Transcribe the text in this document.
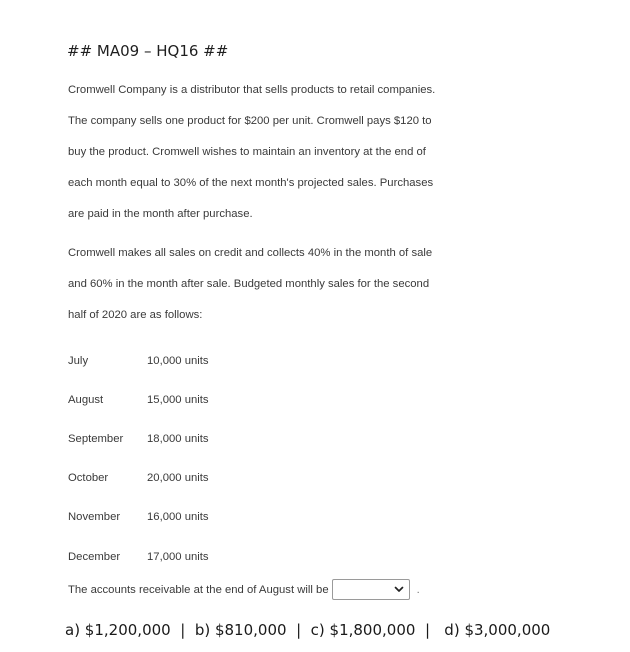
## MA09 – HQ16 ##
Cromwell Company is a distributor that sells products to retail companies.
The company sells one product for $200 per unit. Cromwell pays $120 to
buy the product. Cromwell wishes to maintain an inventory at the end of
each month equal to 30% of the next month's projected sales. Purchases
are paid in the month after purchase.
Cromwell makes all sales on credit and collects 40% in the month of sale
and 60% in the month after sale. Budgeted monthly sales for the second
half of 2020 are as follows:
July	10,000 units
August	15,000 units
September	18,000 units
October	20,000 units
November	16,000 units
December	17,000 units
The accounts receivable at the end of August will be	.
a) $1,200,000  |  b) $810,000  |  c) $1,800,000  |   d) $3,000,000
